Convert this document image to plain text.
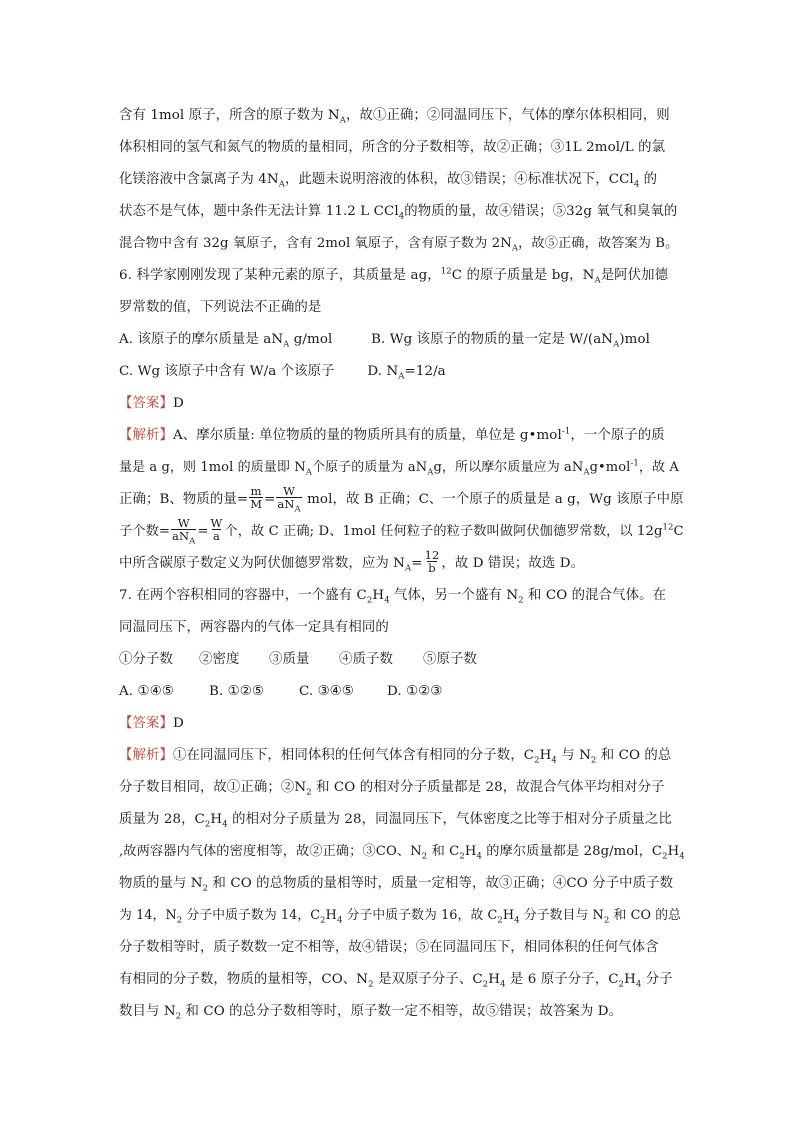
含有 1mol 原子，所含的原子数为 $N_A$，故①正确；②同温同压下，气体的摩尔体积相同，则
体积相同的氢气和氮气的物质的量相同，所含的分子数相等，故②正确；③1L 2mol/L 的氯
化镁溶液中含氯离子为 $4N_A$，此题未说明溶液的体积，故③错误；④标准状况下，CCl$_4$ 的
状态不是气体，题中条件无法计算 11.2 L CCl$_4$的物质的量，故④错误；⑤32g 氧气和臭氧的
混合物中含有 32g 氧原子，含有 2mol 氧原子，含有原子数为 $2N_A$，故⑤正确，故答案为 B。
6. 科学家刚刚发现了某种元素的原子，其质量是 ag，$^{12}$C 的原子质量是 bg，$N_A$是阿伏加德
罗常数的值，下列说法不正确的是
A. 该原子的摩尔质量是 $aN_A$ g/mol	B. Wg 该原子的物质的量一定是 $W/(aN_A)mol$
C. Wg 该原子中含有 W/a 个该原子 D. $N_A=12/a$
【答案】D
【解析】A、摩尔质量: 单位物质的量的物质所具有的质量，单位是 g•mol$^{-1}$，一个原子的质
量是 a g，则 1mol 的质量即 $N_A$个原子的质量为 $aN_Ag$，所以摩尔质量应为 $aN_Ag•mol^{-1}$，故 A
正确；B、物质的量= $\frac{m}{M} = \frac{W}{aN_A}$ mol，故 B 正确；C、一个原子的质量是 a g，Wg 该原子中原
子个数= $\frac{W}{aN_A} = \frac{W}{a}$ 个，故 C 正确; D、1mol 任何粒子的粒子数叫做阿伏伽德罗常数，以 $12g^{12}C$
中所含碳原子数定义为阿伏伽德罗常数，应为 $N_A= \frac{12}{b}$ ，故 D 错误；故选 D。
7. 在两个容积相同的容器中，一个盛有 $C_2H_4$ 气体，另一个盛有 $N_2$ 和 CO 的混合气体。在
同温同压下，两容器内的气体一定具有相同的
①分子数 ②密度 ③质量 ④质子数 ⑤原子数
A. ①④⑤	B. ①②⑤	C. ③④⑤ D. ①②③
【答案】D
【解析】①在同温同压下，相同体积的任何气体含有相同的分子数，$C_2H_4$ 与 $N_2$ 和 CO 的总
分子数目相同，故①正确；$②N_2$ 和 CO 的相对分子质量都是 28，故混合气体平均相对分子
质量为 28，$C_2H_4$ 的相对分子质量为 28，同温同压下，气体密度之比等于相对分子质量之比
,故两容器内气体的密度相等，故②正确；③CO、$N_2$ 和 $C_2H_4$ 的摩尔质量都是 28g/mol，$C_2H_4$
物质的量与 $N_2$ 和 CO 的总物质的量相等时，质量一定相等，故③正确；④CO 分子中质子数
为 14，$N_2$ 分子中质子数为 14，$C_2H_4$ 分子中质子数为 16，故 $C_2H_4$ 分子数目与 $N_2$ 和 CO 的总
分子数相等时，质子数数一定不相等，故④错误；⑤在同温同压下，相同体积的任何气体含
有相同的分子数，物质的量相等，CO、$N_2$ 是双原子分子、$C_2H_4$ 是 6 原子分子，$C_2H_4$ 分子
数目与 $N_2$ 和 CO 的总分子数相等时，原子数一定不相等，故⑤错误；故答案为 D。
